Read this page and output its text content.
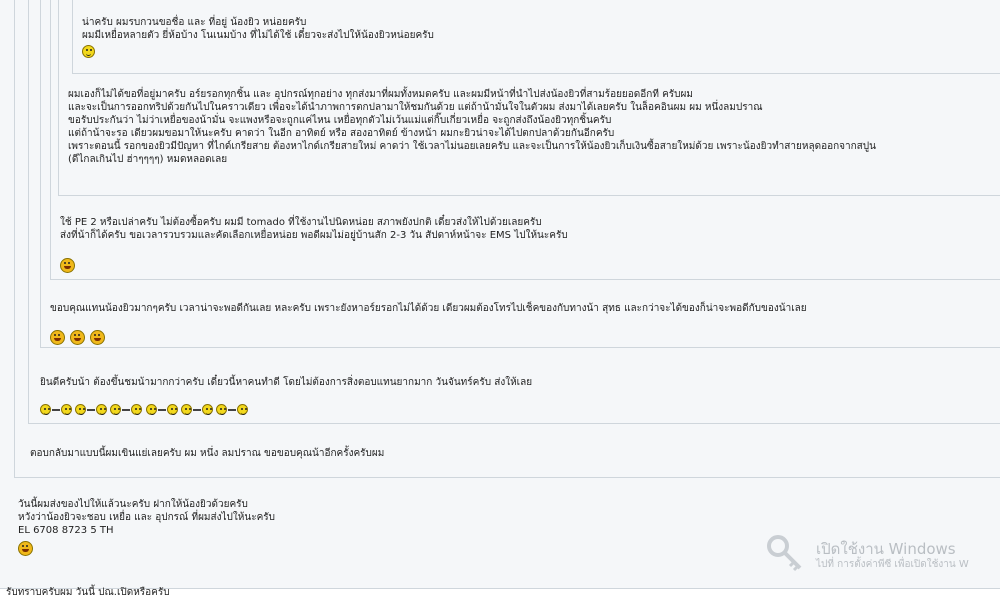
น่าครับ ผมรบกวนขอชื่อ และ ที่อยู่ น้องยิว หน่อยครับ
ผมมีเหยื่อหลายตัว ยี่ห้อบ้าง โนเนมบ้าง ที่ไม่ได้ใช้ เดี๋ยวจะส่งไปให้น้องยิวหน่อยครับ
ผมเองก็ไม่ได้ขอที่อยู่มาครับ อร์ยรอกทุกชิ้น และ อุปกรณ์ทุกอย่าง ทุกส่งมาที่ผมทั้งหมดครับ และผมมีหน้าที่นำไปส่งน้องยิวที่สามร้อยยอดอีกที ครับผม
และจะเป็นการออกทริปด้วยกันไปในคราวเดียว เพื่อจะได้นำภาพการตกปลามาให้ชมกันด้วย แต่ถ้าน้ามั่นใจในตัวผม ส่งมาได้เลยครับ ในล็อคอินผม ผม หนึ่งลมปราณ
ขอรับประกันว่า ไม่ว่าเหยื่อของน้ามั่น จะแพงหรือจะถูกแค่ไหน เหยื่อทุกตัวไม่เว้นแม่แต่กิ๊บเกี่ยวเหยื่อ จะถูกส่งถึงน้องยิวทุกชิ้นครับ
แต่ถ้าน้าจะรอ เดียวผมขอมาให้นะครับ คาดว่า ในอีก อาทิตย์ หรือ สองอาทิตย์ ข้างหน้า ผมกะยิวน่าจะได้ไปตกปลาด้วยกันอีกครับ
เพราะตอนนี้ รอกของยิวมีปัญหา ที่ไกด์เกรียสาย ต้องหาไกด์เกรียสายใหม่ คาดว่า ใช้เวลาไม่นอยเลยครับ และจะเป็นการให้น้องยิวเก็บเงินซื้อสายใหม่ด้วย เพราะน้องยิวทำสายหลุดออกจากสปูน
(ดีไกลเกินไป ฮ่าๆๆๆๆ) หมดหลอดเลย
ใช้ PE 2 หรือเปล่าครับ ไม่ต้องซื้อครับ ผมมี tomado ที่ใช้งานไปนิดหน่อย สภาพยังปกติ เดี๋ยวส่งให้ไปด้วยเลยครับ
ส่งที่น้าก็ได้ครับ ขอเวลารวบรวมและคัดเลือกเหยื่อหน่อย พอดีผมไม่อยู่บ้านสัก 2-3 วัน สัปดาห์หน้าจะ EMS ไปให้นะครับ
ขอบคุณแทนน้องยิวมากๆครับ เวลาน่าจะพอดีกันเลย หละครับ เพราะยังหาอร์ยรอกไม่ได้ด้วย เดียวผมต้องโทรไปเช็คของกับทางน้า สุทธ และกว่าจะได้ของก็น่าจะพอดีกับของน้าเลย

ยินดีครับน้า ต้องขึ้นชมน้ามากกว่าครับ เดี๋ยวนี้หาคนทำดี โดยไม่ต้องการสิ่งตอบแทนยากมาก วันจันทร์ครับ ส่งให้เลย

ตอบกลับมาแบบนี้ผมเขินแย่เลยครับ ผม หนึ่ง ลมปราณ ขอขอบคุณน้าอีกครั้งครับผม
วันนี้ผมส่งของไปให้แล้วนะครับ ฝากให้น้องยิวด้วยครับ
หวังว่าน้องยิวจะชอบ เหยื่อ และ อุปกรณ์ ที่ผมส่งไปให้นะครับ
EL 6708 8723 5 TH
เปิดใช้งาน Windows
ไปที่ การตั้งค่าพีซี เพื่อเปิดใช้งาน W
รับทราบครับผม วันนี้ ปณ.เปิดหรือครับ
